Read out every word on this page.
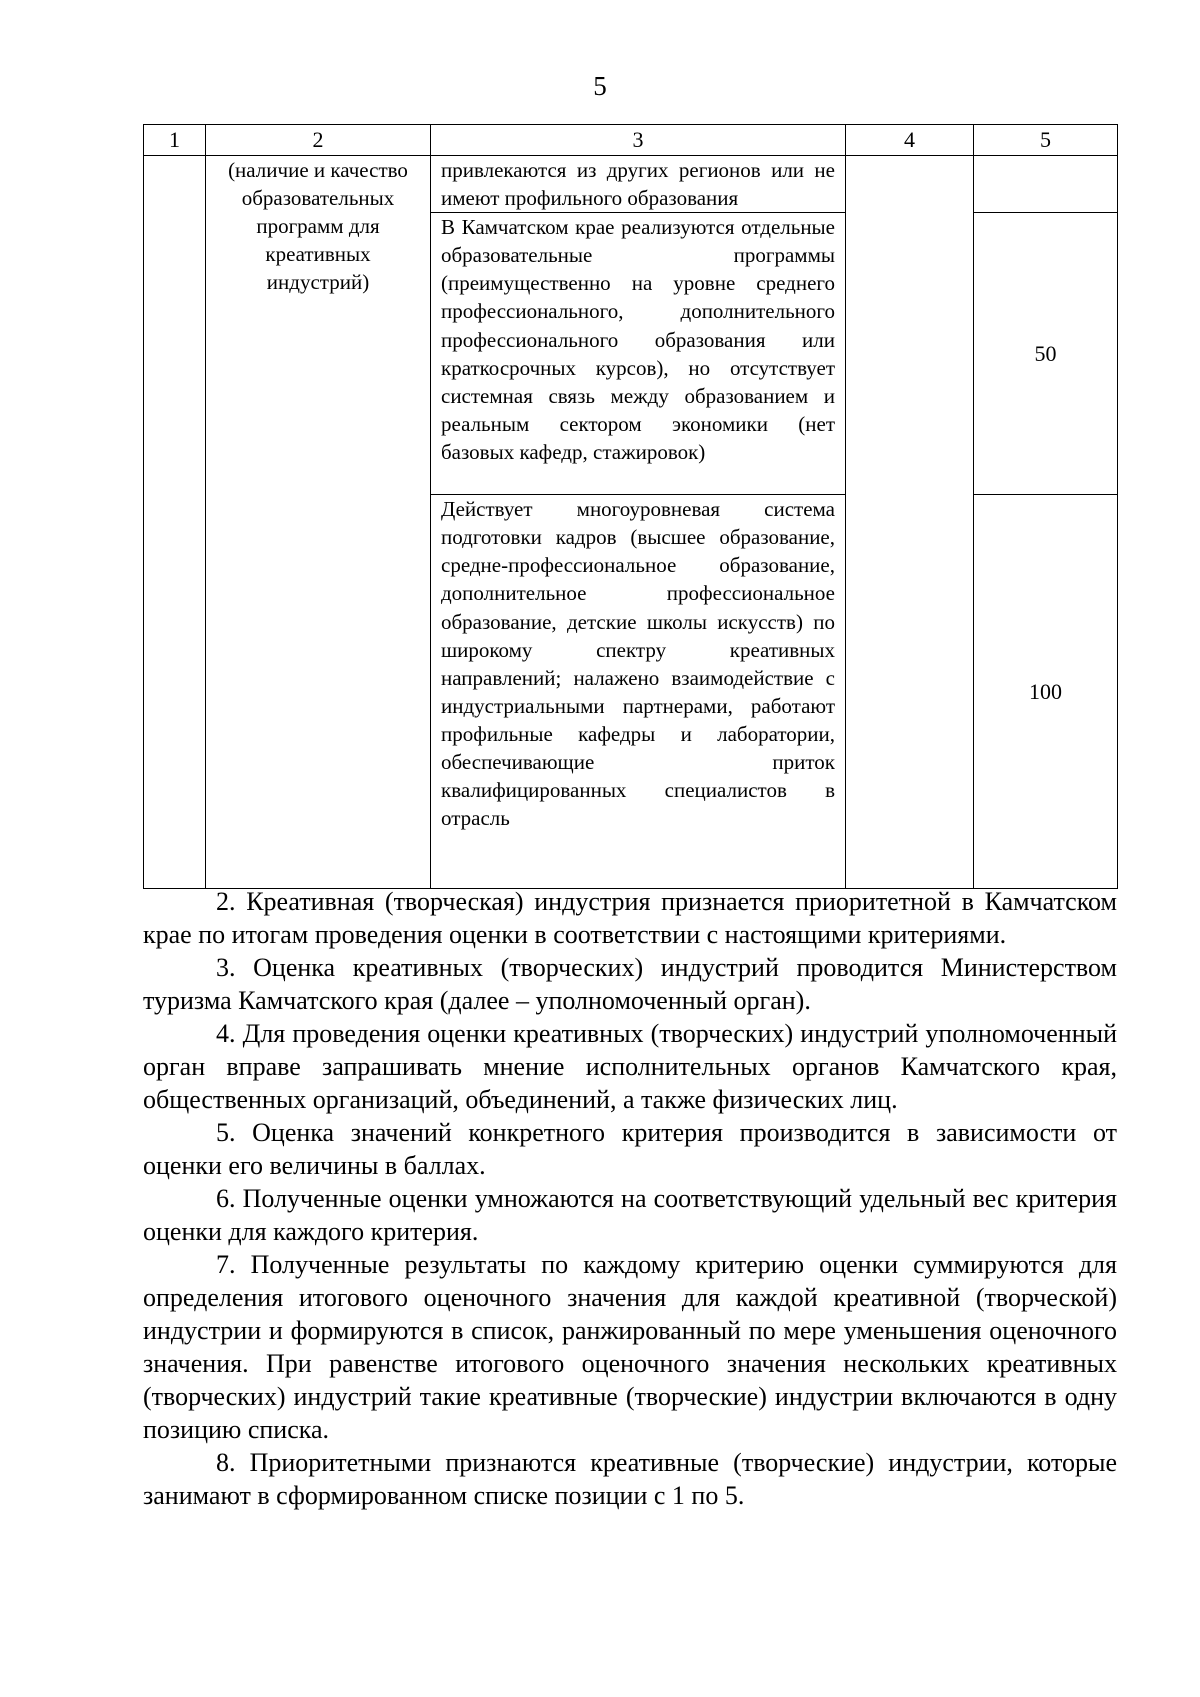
5
1	2	3	4	5
	(наличие и качество образовательных программ для креативных индустрий)	привлекаются из других регионов или не имеют профильного образования		
		В Камчатском крае реализуются отдельные образовательные программы (преимущественно на уровне среднего профессионального, дополнительного профессионального образования или краткосрочных курсов), но отсутствует системная связь между образованием и реальным сектором экономики (нет базовых кафедр, стажировок)		50
		Действует многоуровневая система подготовки кадров (высшее образование, средне-профессиональное образование, дополнительное профессиональное образование, детские школы искусств) по широкому спектру креативных направлений; налажено взаимодействие с индустриальными партнерами, работают профильные кафедры и лаборатории, обеспечивающие приток квалифицированных специалистов в отрасль		100

2. Креативная (творческая) индустрия признается приоритетной в Камчатском крае по итогам проведения оценки в соответствии с настоящими критериями.

3. Оценка креативных (творческих) индустрий проводится Министерством туризма Камчатского края (далее – уполномоченный орган).

4. Для проведения оценки креативных (творческих) индустрий уполномоченный орган вправе запрашивать мнение исполнительных органов Камчатского края, общественных организаций, объединений, а также физических лиц.

5. Оценка значений конкретного критерия производится в зависимости от оценки его величины в баллах.

6. Полученные оценки умножаются на соответствующий удельный вес критерия оценки для каждого критерия.

7. Полученные результаты по каждому критерию оценки суммируются для определения итогового оценочного значения для каждой креативной (творческой) индустрии и формируются в список, ранжированный по мере уменьшения оценочного значения. При равенстве итогового оценочного значения нескольких креативных (творческих) индустрий такие креативные (творческие) индустрии включаются в одну позицию списка.

8. Приоритетными признаются креативные (творческие) индустрии, которые занимают в сформированном списке позиции с 1 по 5.
